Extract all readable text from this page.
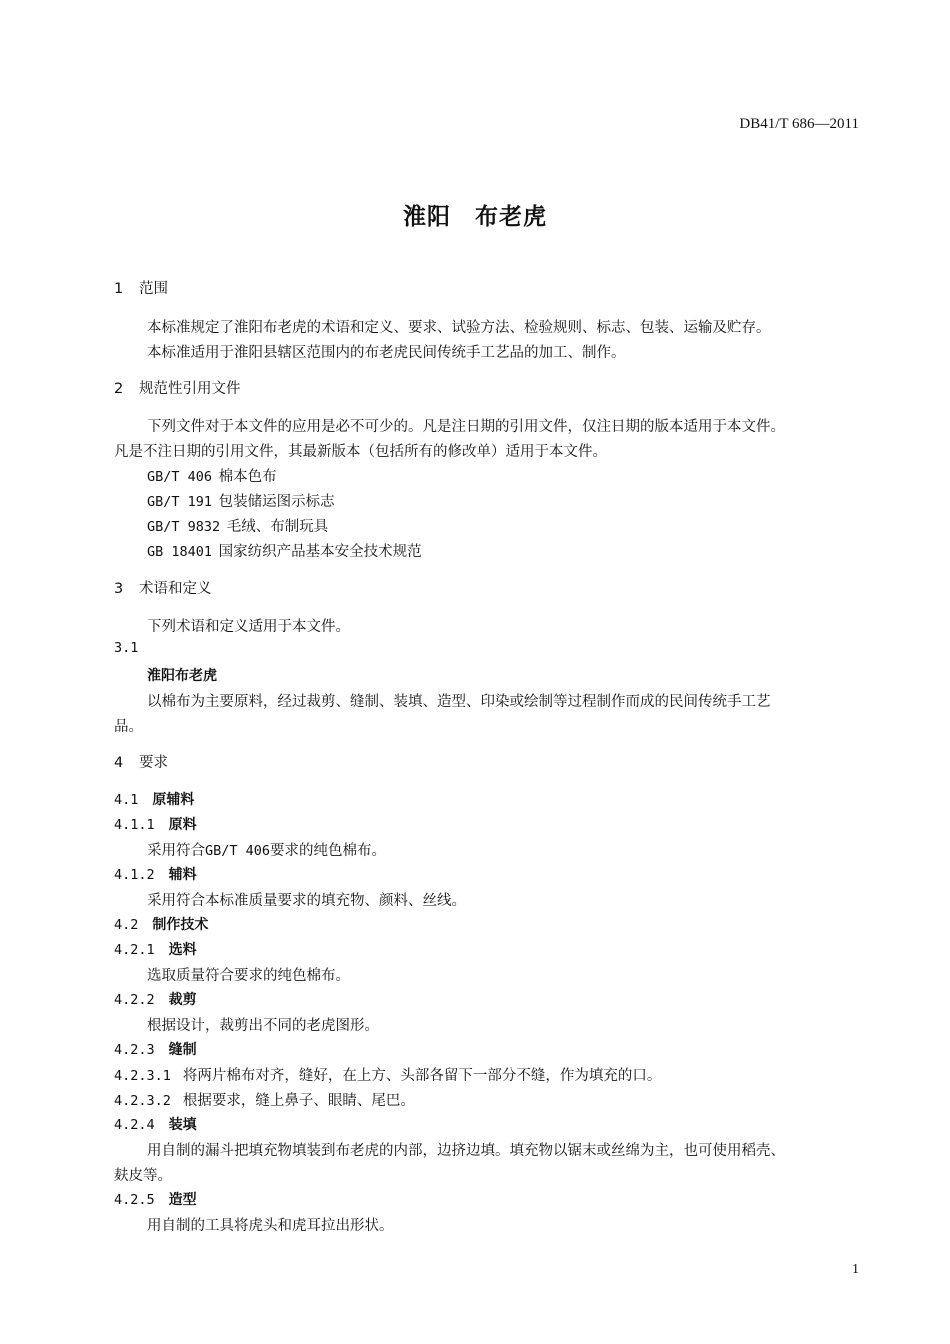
DB41/T 686—2011
淮阳　布老虎
1 范围
本标准规定了淮阳布老虎的术语和定义、要求、试验方法、检验规则、标志、包装、运输及贮存。
本标准适用于淮阳县辖区范围内的布老虎民间传统手工艺品的加工、制作。
2 规范性引用文件
下列文件对于本文件的应用是必不可少的。凡是注日期的引用文件，仅注日期的版本适用于本文件。
凡是不注日期的引用文件，其最新版本（包括所有的修改单）适用于本文件。
GB/T 406 棉本色布
GB/T 191 包装储运图示标志
GB/T 9832 毛绒、布制玩具
GB 18401 国家纺织产品基本安全技术规范
3 术语和定义
下列术语和定义适用于本文件。
3.1
淮阳布老虎
以棉布为主要原料，经过裁剪、缝制、装填、造型、印染或绘制等过程制作而成的民间传统手工艺
品。
4 要求
4.1 原辅料
4.1.1 原料
采用符合GB/T 406要求的纯色棉布。
4.1.2 辅料
采用符合本标准质量要求的填充物、颜料、丝线。
4.2 制作技术
4.2.1 选料
选取质量符合要求的纯色棉布。
4.2.2 裁剪
根据设计，裁剪出不同的老虎图形。
4.2.3 缝制
4.2.3.1 将两片棉布对齐，缝好，在上方、头部各留下一部分不缝，作为填充的口。
4.2.3.2 根据要求，缝上鼻子、眼睛、尾巴。
4.2.4 装填
用自制的漏斗把填充物填装到布老虎的内部，边挤边填。填充物以锯末或丝绵为主，也可使用稻壳、
麸皮等。
4.2.5 造型
用自制的工具将虎头和虎耳拉出形状。
1
